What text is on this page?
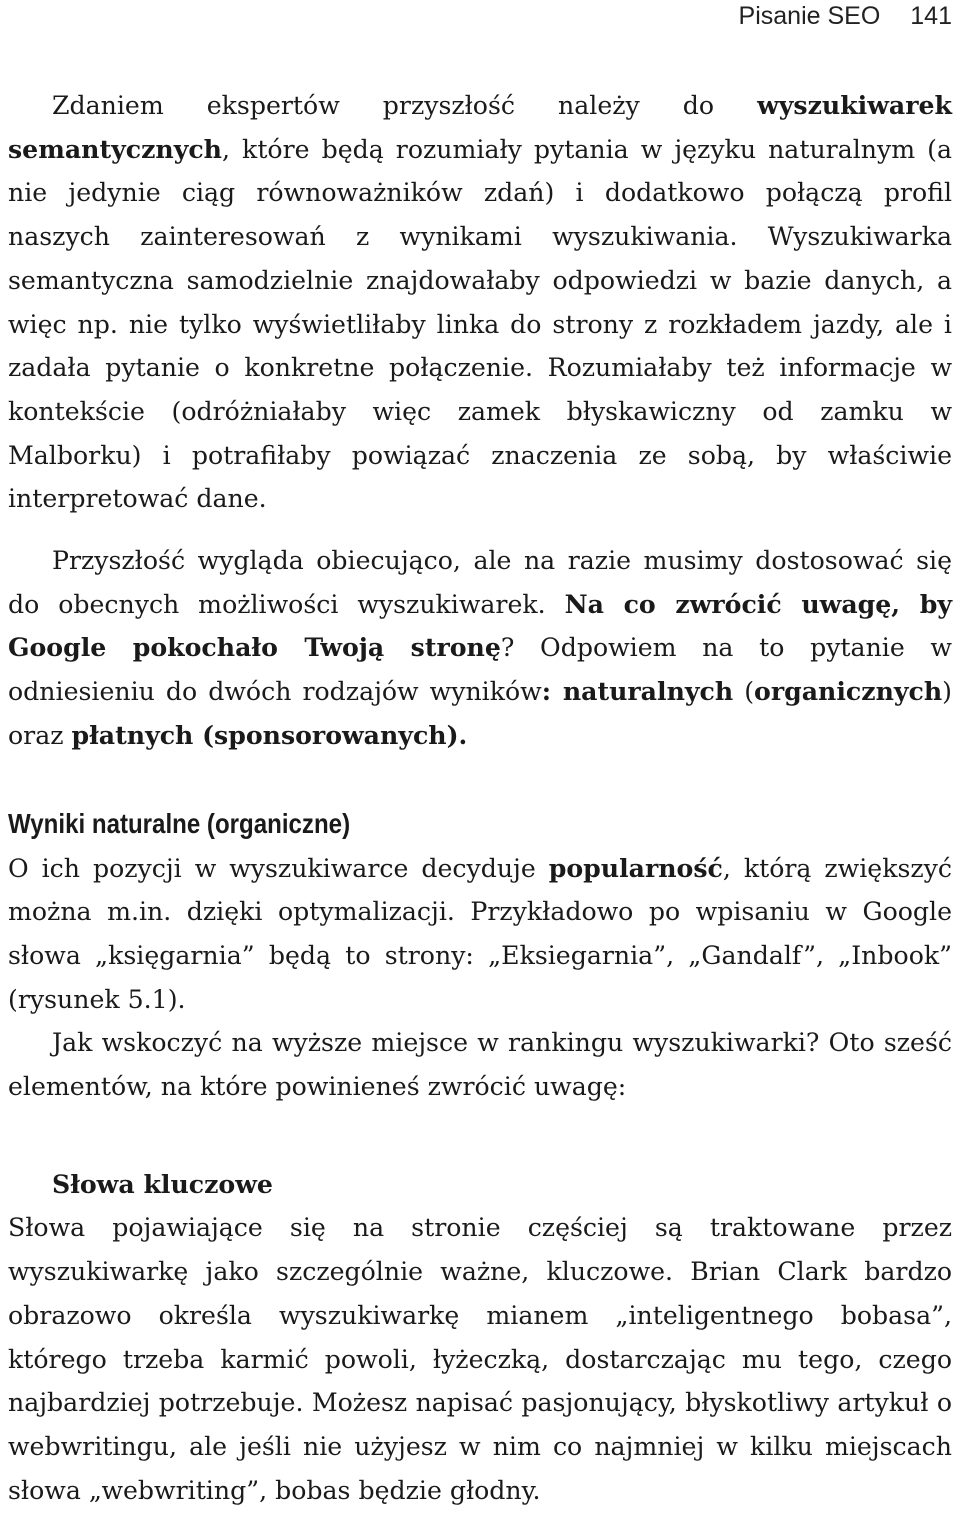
Pisanie SEO 141

Zdaniem ekspertów przyszłość należy do wyszukiwarek semantycznych, które będą rozumiały pytania w języku naturalnym (a nie jedynie ciąg równoważników zdań) i dodatkowo połączą profil naszych zainteresowań z wynikami wyszukiwania. Wyszukiwarka semantyczna samodzielnie znajdowałaby odpowiedzi w bazie danych, a więc np. nie tylko wyświetliłaby linka do strony z rozkładem jazdy, ale i zadała pytanie o konkretne połączenie. Rozumiałaby też informacje w kontekście (odróżniałaby więc zamek błyskawiczny od zamku w Malborku) i potrafiłaby powiązać znaczenia ze sobą, by właściwie interpretować dane.

Przyszłość wygląda obiecująco, ale na razie musimy dostosować się do obecnych możliwości wyszukiwarek. Na co zwrócić uwagę, by Google pokochało Twoją stronę? Odpowiem na to pytanie w odniesieniu do dwóch rodzajów wyników: naturalnych (organicznych) oraz płatnych (sponsorowanych).

Wyniki naturalne (organiczne)

O ich pozycji w wyszukiwarce decyduje popularność, którą zwiększyć można m.in. dzięki optymalizacji. Przykładowo po wpisaniu w Google słowa „księgarnia” będą to strony: „Eksiegarnia”, „Gandalf”, „Inbook” (rysunek 5.1).

Jak wskoczyć na wyższe miejsce w rankingu wyszukiwarki? Oto sześć elementów, na które powinieneś zwrócić uwagę:

Słowa kluczowe

Słowa pojawiające się na stronie częściej są traktowane przez wyszukiwarkę jako szczególnie ważne, kluczowe. Brian Clark bardzo obrazowo określa wyszukiwarkę mianem „inteligentnego bobasa”, którego trzeba karmić powoli, łyżeczką, dostarczając mu tego, czego najbardziej potrzebuje. Możesz napisać pasjonujący, błyskotliwy artykuł o webwritingu, ale jeśli nie użyjesz w nim co najmniej w kilku miejscach słowa „webwriting”, bobas będzie głodny.
